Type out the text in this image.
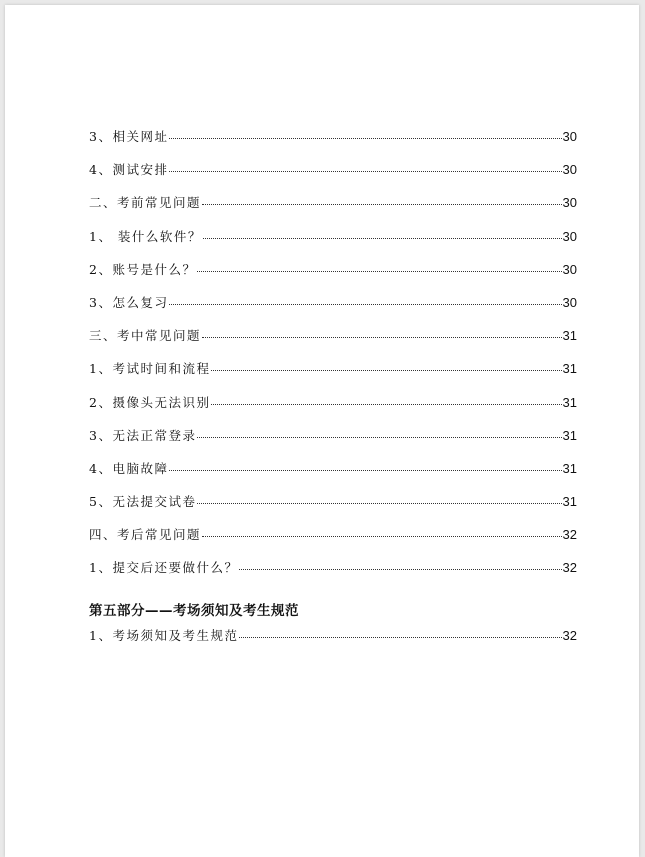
3、相关网址	30
4、测试安排	30
二、考前常见问题	30
1、 装什么软件？	30
2、账号是什么？	30
3、怎么复习	30
三、考中常见问题	31
1、考试时间和流程	31
2、摄像头无法识别	31
3、无法正常登录	31
4、电脑故障	31
5、无法提交试卷	31
四、考后常见问题	32
1、提交后还要做什么？	32
第五部分——考场须知及考生规范
1、考场须知及考生规范	32
